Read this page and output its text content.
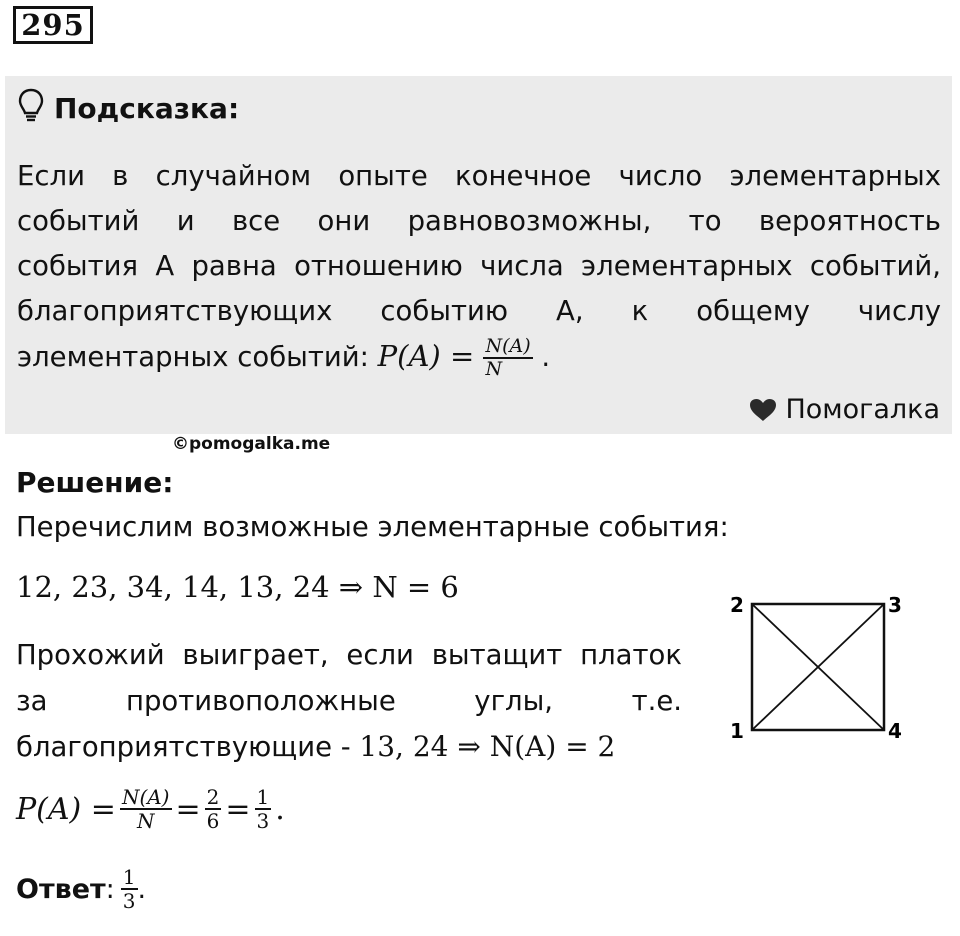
295
Подсказка:
Если в случайном опыте конечное число элементарных
событий и все они равновозможны, то вероятность
события А равна отношению числа элементарных событий,
благоприятствующих событию А, к общему числу
элементарных событий: $P(A) = \frac{N(A)}{N}$ .
Помогалка
©pomogalka.me
Решение:
Перечислим возможные элементарные события:
12, 23, 34, 14, 13, 24 ⇒ N = 6
Прохожий выиграет, если вытащит платок
за противоположные углы, т.е.
благоприятствующие - 13, 24 ⇒ N(A) = 2
$P(A) = \frac{N(A)}{N} = \frac{2}{6} = \frac{1}{3}$ .
Ответ : $\frac{1}{3}$ .
1
2	3
4
